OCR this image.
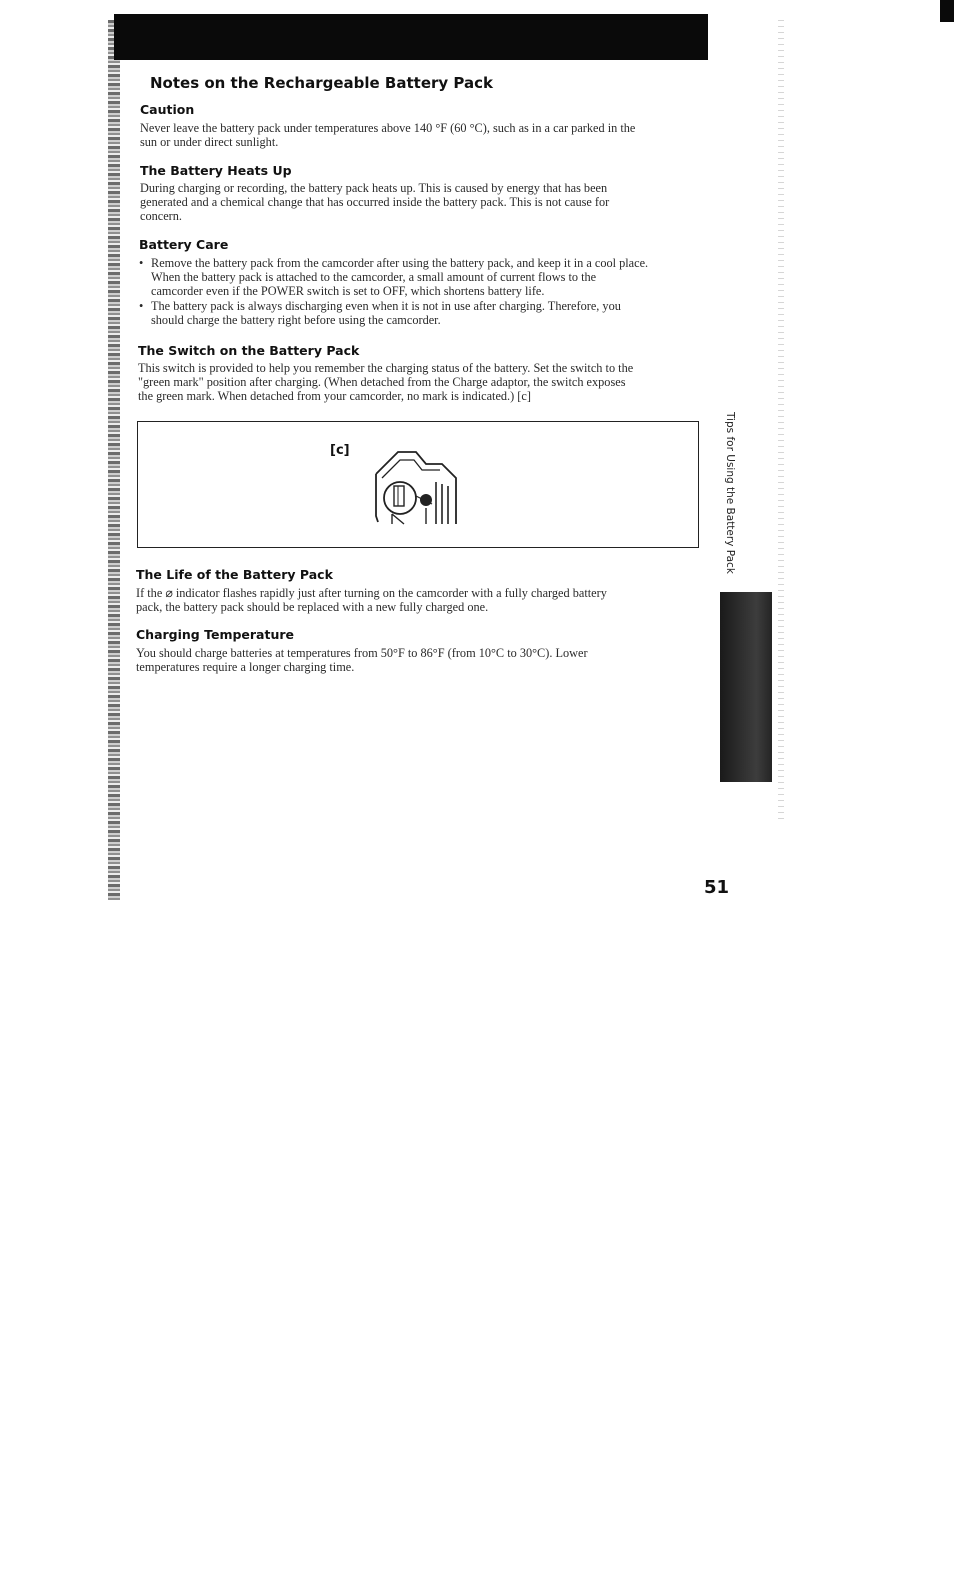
Notes on the Rechargeable Battery Pack
Caution

Never leave the battery pack under temperatures above 140 °F (60 °C), such as in a car parked in the
sun or under direct sunlight.

The Battery Heats Up

During charging or recording, the battery pack heats up. This is caused by energy that has been
generated and a chemical change that has occurred inside the battery pack. This is not cause for
concern.

Battery Care
• Remove the battery pack from the camcorder after using the battery pack, and keep it in a cool place.
When the battery pack is attached to the camcorder, a small amount of current flows to the
camcorder even if the POWER switch is set to OFF, which shortens battery life.
• The battery pack is always discharging even when it is not in use after charging. Therefore, you
should charge the battery right before using the camcorder.
The Switch on the Battery Pack

This switch is provided to help you remember the charging status of the battery. Set the switch to the
"green mark" position after charging. (When detached from the Charge adaptor, the switch exposes
the green mark. When detached from your camcorder, no mark is indicated.) [c]

[c]
The Life of the Battery Pack

If the ⌀ indicator flashes rapidly just after turning on the camcorder with a fully charged battery
pack, the battery pack should be replaced with a new fully charged one.

Charging Temperature

You should charge batteries at temperatures from 50°F to 86°F (from 10°C to 30°C). Lower
temperatures require a longer charging time.

Tips for Using the Battery Pack
51
